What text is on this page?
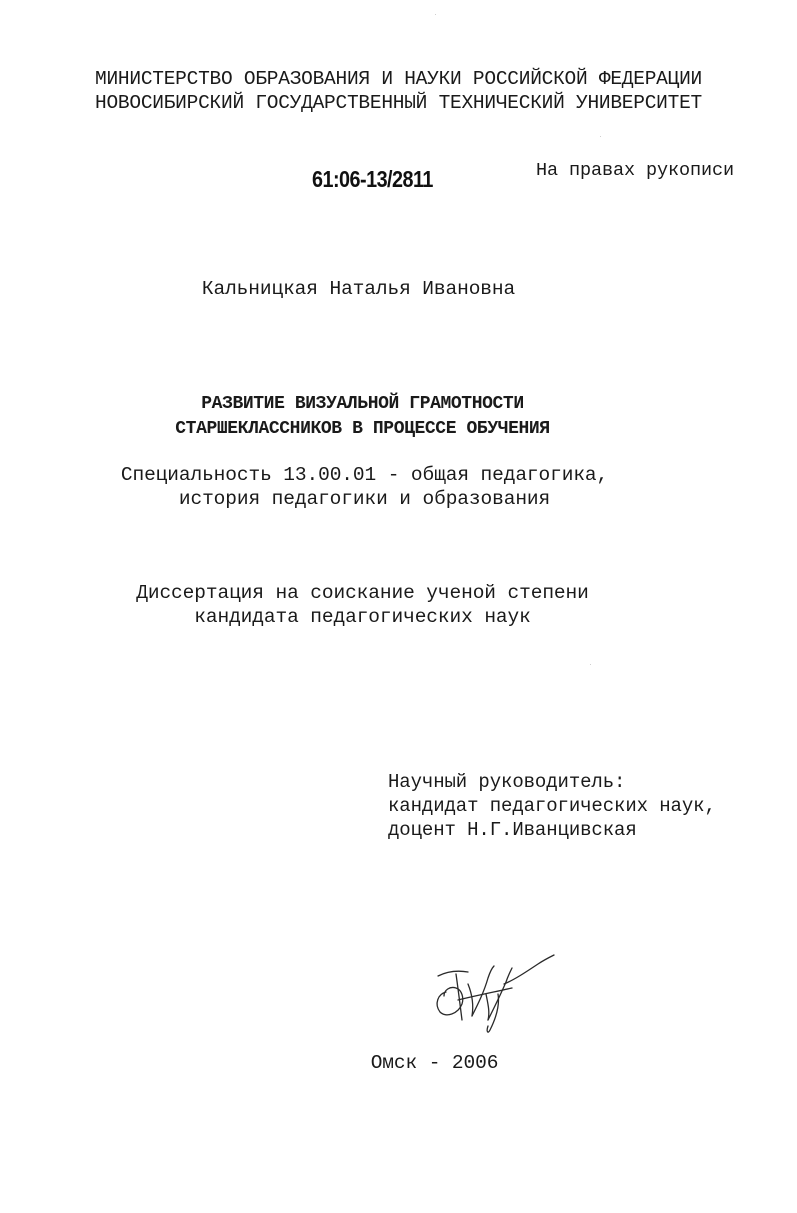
МИНИСТЕРСТВО ОБРАЗОВАНИЯ И НАУКИ РОССИЙСКОЙ ФЕДЕРАЦИИ
НОВОСИБИРСКИЙ ГОСУДАРСТВЕННЫЙ ТЕХНИЧЕСКИЙ УНИВЕРСИТЕТ
61:06-13/2811	На правах рукописи
Кальницкая Наталья Ивановна
РАЗВИТИЕ ВИЗУАЛЬНОЙ ГРАМОТНОСТИ
СТАРШЕКЛАССНИКОВ В ПРОЦЕССЕ ОБУЧЕНИЯ
Специальность 13.00.01 - общая педагогика,
история педагогики и образования
Диссертация на соискание ученой степени
кандидата педагогических наук
Научный руководитель:
кандидат педагогических наук,
доцент Н.Г.Иванцивская
Омск - 2006
